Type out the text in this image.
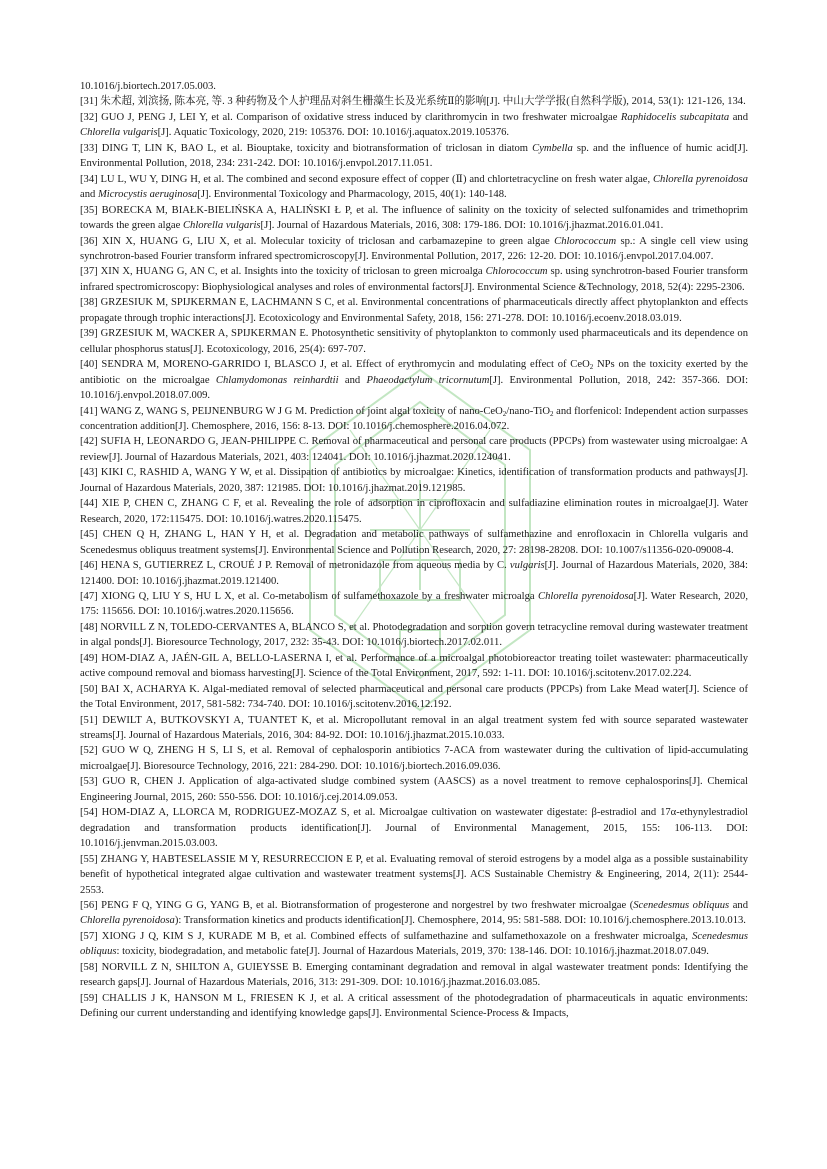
10.1016/j.biortech.2017.05.003.

[31] 朱术超, 刘滨扬, 陈本亮, 等. 3 种药物及个人护理品对斜生栅藻生长及光系统Ⅱ的影响[J]. 中山大学学报(自然科学版), 2014, 53(1): 121-126, 134.

[32] GUO J, PENG J, LEI Y, et al. Comparison of oxidative stress induced by clarithromycin in two freshwater microalgae Raphidocelis subcapitata and Chlorella vulgaris[J]. Aquatic Toxicology, 2020, 219: 105376. DOI: 10.1016/j.aquatox.2019.105376.

[33] DING T, LIN K, BAO L, et al. Biouptake, toxicity and biotransformation of triclosan in diatom Cymbella sp. and the influence of humic acid[J]. Environmental Pollution, 2018, 234: 231-242. DOI: 10.1016/j.envpol.2017.11.051.

[34] LU L, WU Y, DING H, et al. The combined and second exposure effect of copper (Ⅱ) and chlortetracycline on fresh water algae, Chlorella pyrenoidosa and Microcystis aeruginosa[J]. Environmental Toxicology and Pharmacology, 2015, 40(1): 140-148.

[35] BORECKA M, BIAŁK-BIELIŃSKA A, HALIŃSKI Ł P, et al. The influence of salinity on the toxicity of selected sulfonamides and trimethoprim towards the green algae Chlorella vulgaris[J]. Journal of Hazardous Materials, 2016, 308: 179-186. DOI: 10.1016/j.jhazmat.2016.01.041.

[36] XIN X, HUANG G, LIU X, et al. Molecular toxicity of triclosan and carbamazepine to green algae Chlorococcum sp.: A single cell view using synchrotron-based Fourier transform infrared spectromicroscopy[J]. Environmental Pollution, 2017, 226: 12-20. DOI: 10.1016/j.envpol.2017.04.007.

[37] XIN X, HUANG G, AN C, et al. Insights into the toxicity of triclosan to green microalga Chlorococcum sp. using synchrotron-based Fourier transform infrared spectromicroscopy: Biophysiological analyses and roles of environmental factors[J]. Environmental Science &Technology, 2018, 52(4): 2295-2306.

[38] GRZESIUK M, SPIJKERMAN E, LACHMANN S C, et al. Environmental concentrations of pharmaceuticals directly affect phytoplankton and effects propagate through trophic interactions[J]. Ecotoxicology and Environmental Safety, 2018, 156: 271-278. DOI: 10.1016/j.ecoenv.2018.03.019.

[39] GRZESIUK M, WACKER A, SPIJKERMAN E. Photosynthetic sensitivity of phytoplankton to commonly used pharmaceuticals and its dependence on cellular phosphorus status[J]. Ecotoxicology, 2016, 25(4): 697-707.

[40] SENDRA M, MORENO-GARRIDO I, BLASCO J, et al. Effect of erythromycin and modulating effect of CeO$_2$ NPs on the toxicity exerted by the antibiotic on the microalgae Chlamydomonas reinhardtii and Phaeodactylum tricornutum[J]. Environmental Pollution, 2018, 242: 357-366. DOI: 10.1016/j.envpol.2018.07.009.

[41] WANG Z, WANG S, PEIJNENBURG W J G M. Prediction of joint algal toxicity of nano-CeO$_2$/nano-TiO$_2$ and florfenicol: Independent action surpasses concentration addition[J]. Chemosphere, 2016, 156: 8-13. DOI: 10.1016/j.chemosphere.2016.04.072.

[42] SUFIA H, LEONARDO G, JEAN-PHILIPPE C. Removal of pharmaceutical and personal care products (PPCPs) from wastewater using microalgae: A review[J]. Journal of Hazardous Materials, 2021, 403: 124041. DOI: 10.1016/j.jhazmat.2020.124041.

[43] KIKI C, RASHID A, WANG Y W, et al. Dissipation of antibiotics by microalgae: Kinetics, identification of transformation products and pathways[J]. Journal of Hazardous Materials, 2020, 387: 121985. DOI: 10.1016/j.jhazmat.2019.121985.

[44] XIE P, CHEN C, ZHANG C F, et al. Revealing the role of adsorption in ciprofloxacin and sulfadiazine elimination routes in microalgae[J]. Water Research, 2020, 172:115475. DOI: 10.1016/j.watres.2020.115475.

[45] CHEN Q H, ZHANG L, HAN Y H, et al. Degradation and metabolic pathways of sulfamethazine and enrofloxacin in Chlorella vulgaris and Scenedesmus obliquus treatment systems[J]. Environmental Science and Pollution Research, 2020, 27: 28198-28208. DOI: 10.1007/s11356-020-09008-4.

[46] HENA S, GUTIERREZ L, CROUÉ J P. Removal of metronidazole from aqueous media by C. vulgaris[J]. Journal of Hazardous Materials, 2020, 384: 121400. DOI: 10.1016/j.jhazmat.2019.121400.

[47] XIONG Q, LIU Y S, HU L X, et al. Co-metabolism of sulfamethoxazole by a freshwater microalga Chlorella pyrenoidosa[J]. Water Research, 2020, 175: 115656. DOI: 10.1016/j.watres.2020.115656.

[48] NORVILL Z N, TOLEDO-CERVANTES A, BLANCO S, et al. Photodegradation and sorption govern tetracycline removal during wastewater treatment in algal ponds[J]. Bioresource Technology, 2017, 232: 35-43. DOI: 10.1016/j.biortech.2017.02.011.

[49] HOM-DIAZ A, JAÉN-GIL A, BELLO-LASERNA I, et al. Performance of a microalgal photobioreactor treating toilet wastewater: pharmaceutically active compound removal and biomass harvesting[J]. Science of the Total Environment, 2017, 592: 1-11. DOI: 10.1016/j.scitotenv.2017.02.224.

[50] BAI X, ACHARYA K. Algal-mediated removal of selected pharmaceutical and personal care products (PPCPs) from Lake Mead water[J]. Science of the Total Environment, 2017, 581-582: 734-740. DOI: 10.1016/j.scitotenv.2016.12.192.

[51] DEWILT A, BUTKOVSKYI A, TUANTET K, et al. Micropollutant removal in an algal treatment system fed with source separated wastewater streams[J]. Journal of Hazardous Materials, 2016, 304: 84-92. DOI: 10.1016/j.jhazmat.2015.10.033.

[52] GUO W Q, ZHENG H S, LI S, et al. Removal of cephalosporin antibiotics 7-ACA from wastewater during the cultivation of lipid-accumulating microalgae[J]. Bioresource Technology, 2016, 221: 284-290. DOI: 10.1016/j.biortech.2016.09.036.

[53] GUO R, CHEN J. Application of alga-activated sludge combined system (AASCS) as a novel treatment to remove cephalosporins[J]. Chemical Engineering Journal, 2015, 260: 550-556. DOI: 10.1016/j.cej.2014.09.053.

[54] HOM-DIAZ A, LLORCA M, RODRIGUEZ-MOZAZ S, et al. Microalgae cultivation on wastewater digestate: β-estradiol and 17α-ethynylestradiol degradation and transformation products identification[J]. Journal of Environmental Management, 2015, 155: 106-113. DOI: 10.1016/j.jenvman.2015.03.003.

[55] ZHANG Y, HABTESELASSIE M Y, RESURRECCION E P, et al. Evaluating removal of steroid estrogens by a model alga as a possible sustainability benefit of hypothetical integrated algae cultivation and wastewater treatment systems[J]. ACS Sustainable Chemistry & Engineering, 2014, 2(11): 2544-2553.

[56] PENG F Q, YING G G, YANG B, et al. Biotransformation of progesterone and norgestrel by two freshwater microalgae (Scenedesmus obliquus and Chlorella pyrenoidosa): Transformation kinetics and products identification[J]. Chemosphere, 2014, 95: 581-588. DOI: 10.1016/j.chemosphere.2013.10.013.

[57] XIONG J Q, KIM S J, KURADE M B, et al. Combined effects of sulfamethazine and sulfamethoxazole on a freshwater microalga, Scenedesmus obliquus: toxicity, biodegradation, and metabolic fate[J]. Journal of Hazardous Materials, 2019, 370: 138-146. DOI: 10.1016/j.jhazmat.2018.07.049.

[58] NORVILL Z N, SHILTON A, GUIEYSSE B. Emerging contaminant degradation and removal in algal wastewater treatment ponds: Identifying the research gaps[J]. Journal of Hazardous Materials, 2016, 313: 291-309. DOI: 10.1016/j.jhazmat.2016.03.085.

[59] CHALLIS J K, HANSON M L, FRIESEN K J, et al. A critical assessment of the photodegradation of pharmaceuticals in aquatic environments: Defining our current understanding and identifying knowledge gaps[J]. Environmental Science-Process & Impacts,
